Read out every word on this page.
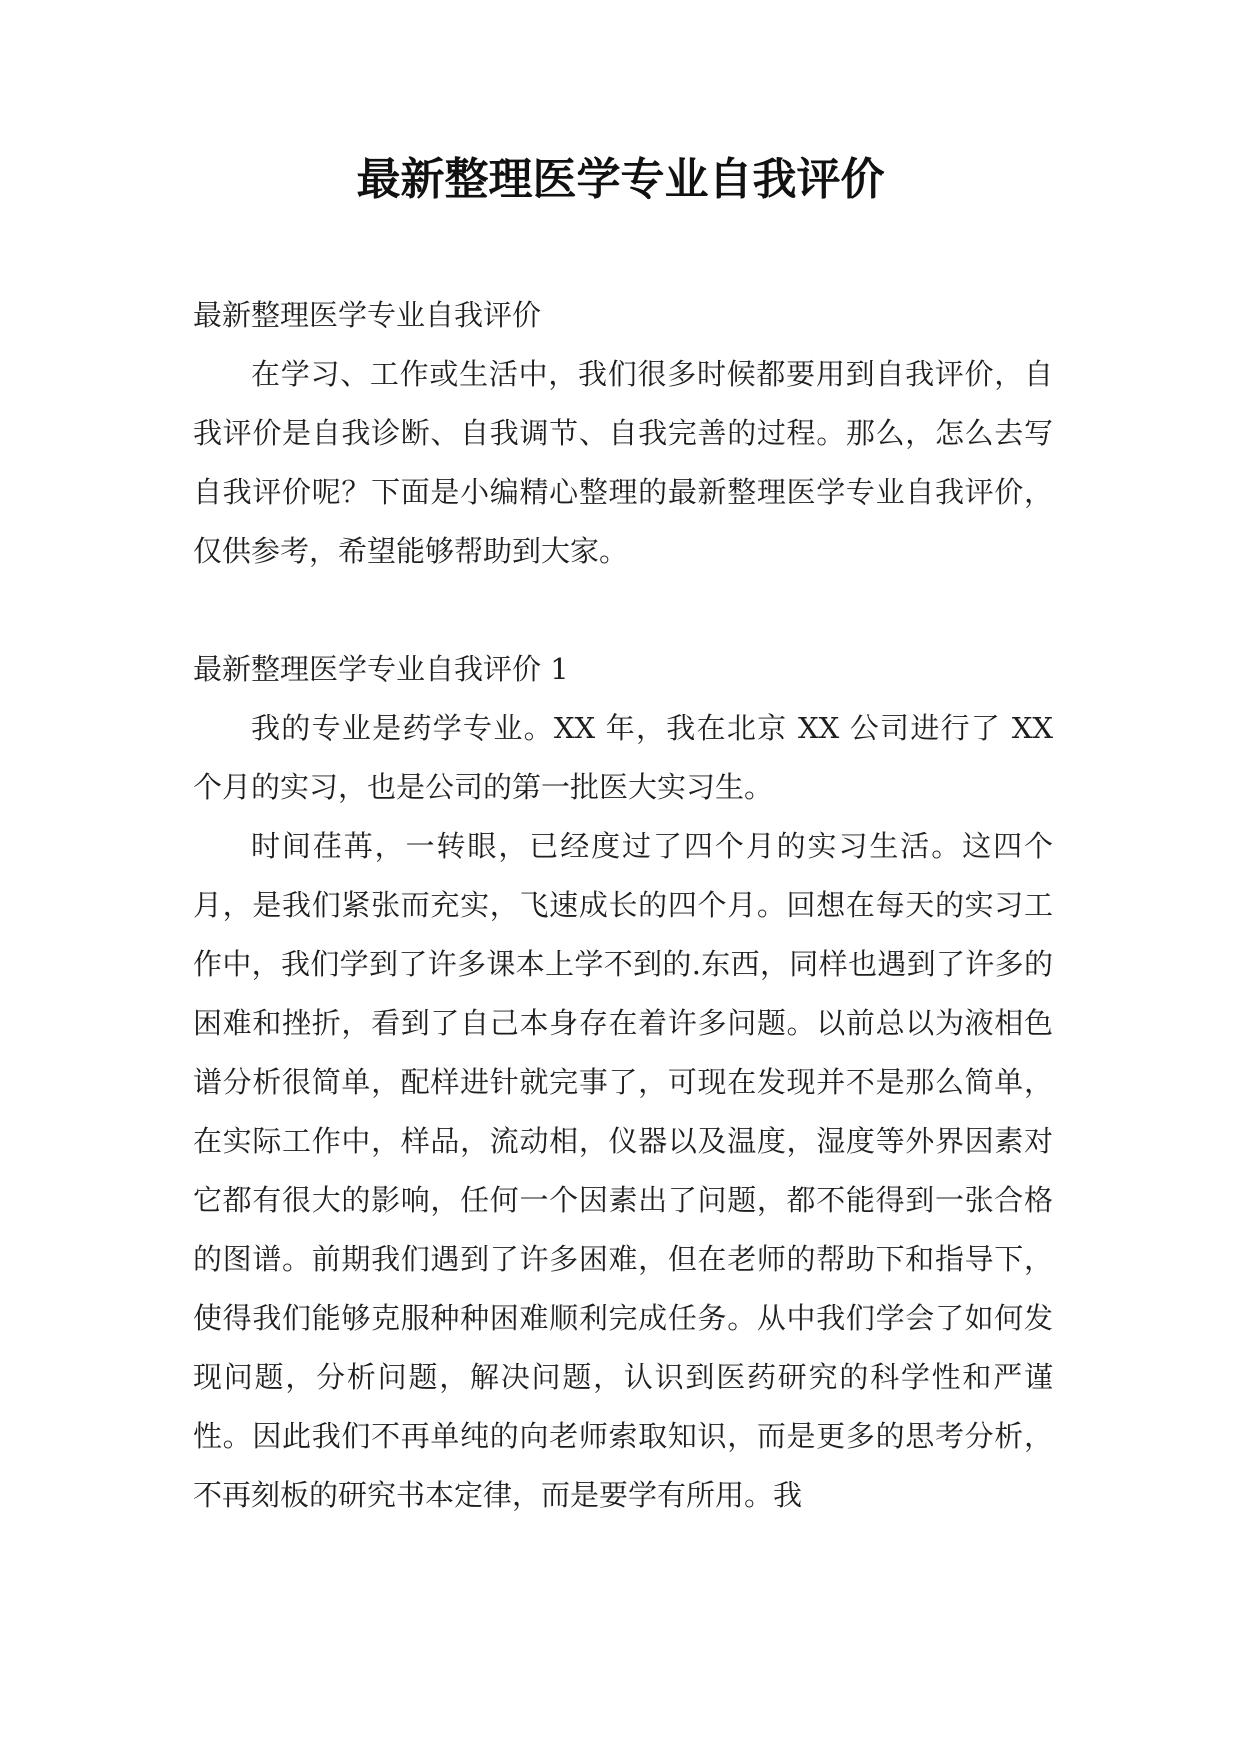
最新整理医学专业自我评价

最新整理医学专业自我评价

在学习、工作或生活中，我们很多时候都要用到自我评价，自我评价是自我诊断、自我调节、自我完善的过程。那么，怎么去写自我评价呢？下面是小编精心整理的最新整理医学专业自我评价，仅供参考，希望能够帮助到大家。

最新整理医学专业自我评价 1

我的专业是药学专业。XX 年，我在北京 XX 公司进行了 XX 个月的实习，也是公司的第一批医大实习生。

时间荏苒，一转眼，已经度过了四个月的实习生活。这四个月，是我们紧张而充实，飞速成长的四个月。回想在每天的实习工作中，我们学到了许多课本上学不到的.东西，同样也遇到了许多的困难和挫折，看到了自己本身存在着许多问题。以前总以为液相色谱分析很简单，配样进针就完事了，可现在发现并不是那么简单，在实际工作中，样品，流动相，仪器以及温度，湿度等外界因素对它都有很大的影响，任何一个因素出了问题，都不能得到一张合格的图谱。前期我们遇到了许多困难，但在老师的帮助下和指导下，使得我们能够克服种种困难顺利完成任务。从中我们学会了如何发现问题，分析问题，解决问题，认识到医药研究的科学性和严谨性。因此我们不再单纯的向老师索取知识，而是更多的思考分析，不再刻板的研究书本定律，而是要学有所用。我
